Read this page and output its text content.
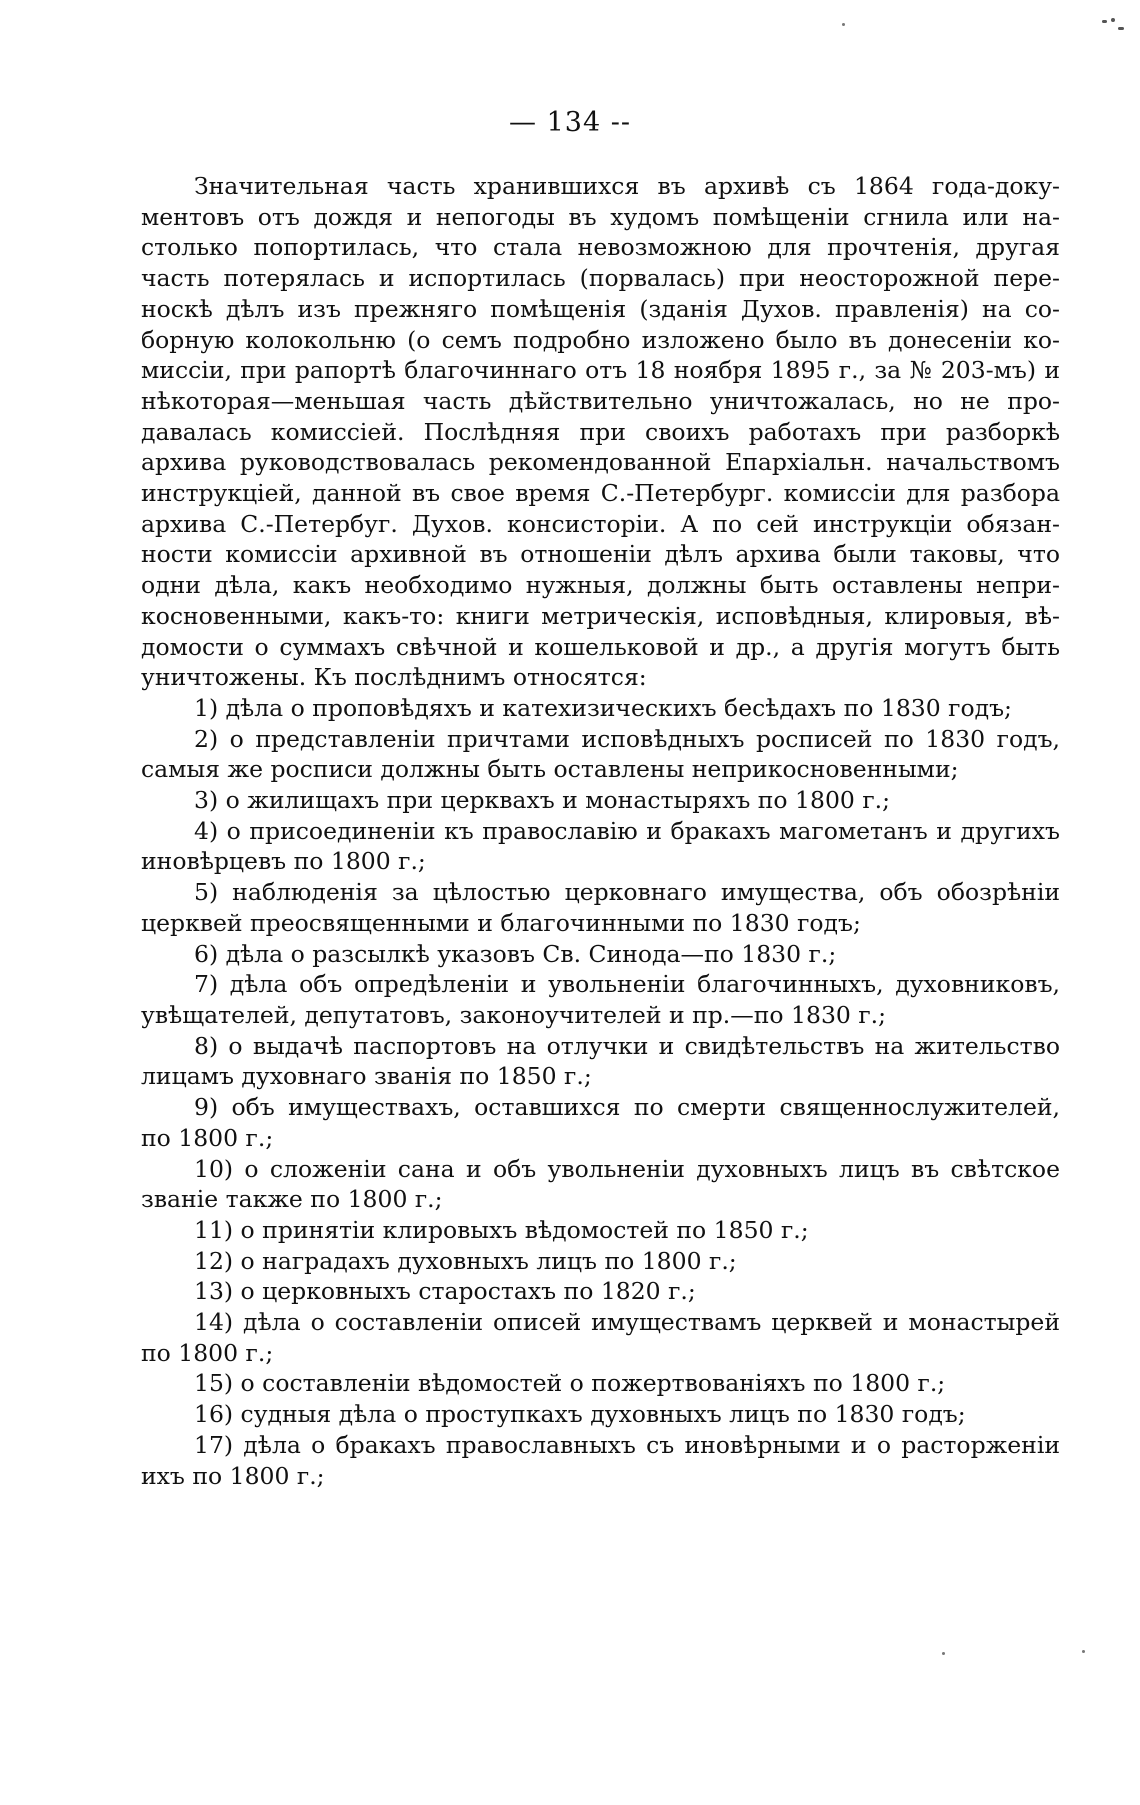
— 134 --

Значительная часть хранившихся въ архивѣ съ 1864 года-документовъ отъ дождя и непогоды въ худомъ помѣщеніи сгнила или настолько попортилась, что стала невозможною для прочтенія, другая часть потерялась и испортилась (порвалась) при неосторожной переноскѣ дѣлъ изъ прежняго помѣщенія (зданія Духов. правленія) на соборную колокольню (о семъ подробно изложено было въ донесеніи комиссіи, при рапортѣ благочиннаго отъ 18 ноября 1895 г., за № 203-мъ) и нѣкоторая—меньшая часть дѣйствительно уничтожалась, но не продавалась комиссіей. Послѣдняя при своихъ работахъ при разборкѣ архива руководствовалась рекомендованной Епархіальн. начальствомъ инструкціей, данной въ свое время С.-Петербург. комиссіи для разбора архива С.-Петербуг. Духов. консисторіи. А по сей инструкціи обязанности комиссіи архивной въ отношеніи дѣлъ архива были таковы, что одни дѣла, какъ необходимо нужныя, должны быть оставлены неприкосновенными, какъ-то: книги метрическія, исповѣдныя, клировыя, вѣдомости о суммахъ свѣчной и кошельковой и др., а другія могутъ быть уничтожены. Къ послѣднимъ относятся:

1) дѣла о проповѣдяхъ и катехизическихъ бесѣдахъ по 1830 годъ;
2) о представленіи причтами исповѣдныхъ росписей по 1830 годъ, самыя же росписи должны быть оставлены неприкосновенными;
3) о жилищахъ при церквахъ и монастыряхъ по 1800 г.;
4) о присоединеніи къ православію и бракахъ магометанъ и другихъ иновѣрцевъ по 1800 г.;
5) наблюденія за цѣлостью церковнаго имущества, объ обозрѣніи церквей преосвященными и благочинными по 1830 годъ;
6) дѣла о разсылкѣ указовъ Св. Синода—по 1830 г.;
7) дѣла объ опредѣленіи и увольненіи благочинныхъ, духовниковъ, увѣщателей, депутатовъ, законоучителей и пр.—по 1830 г.;
8) о выдачѣ паспортовъ на отлучки и свидѣтельствъ на жительство лицамъ духовнаго званія по 1850 г.;
9) объ имуществахъ, оставшихся по смерти священнослужителей, по 1800 г.;
10) о сложеніи сана и объ увольненіи духовныхъ лицъ въ свѣтское званіе также по 1800 г.;
11) о принятіи клировыхъ вѣдомостей по 1850 г.;
12) о наградахъ духовныхъ лицъ по 1800 г.;
13) о церковныхъ старостахъ по 1820 г.;
14) дѣла о составленіи описей имуществамъ церквей и монастырей по 1800 г.;
15) о составленіи вѣдомостей о пожертвованіяхъ по 1800 г.;
16) судныя дѣла о проступкахъ духовныхъ лицъ по 1830 годъ;
17) дѣла о бракахъ православныхъ съ иновѣрными и о расторженіи ихъ по 1800 г.;
